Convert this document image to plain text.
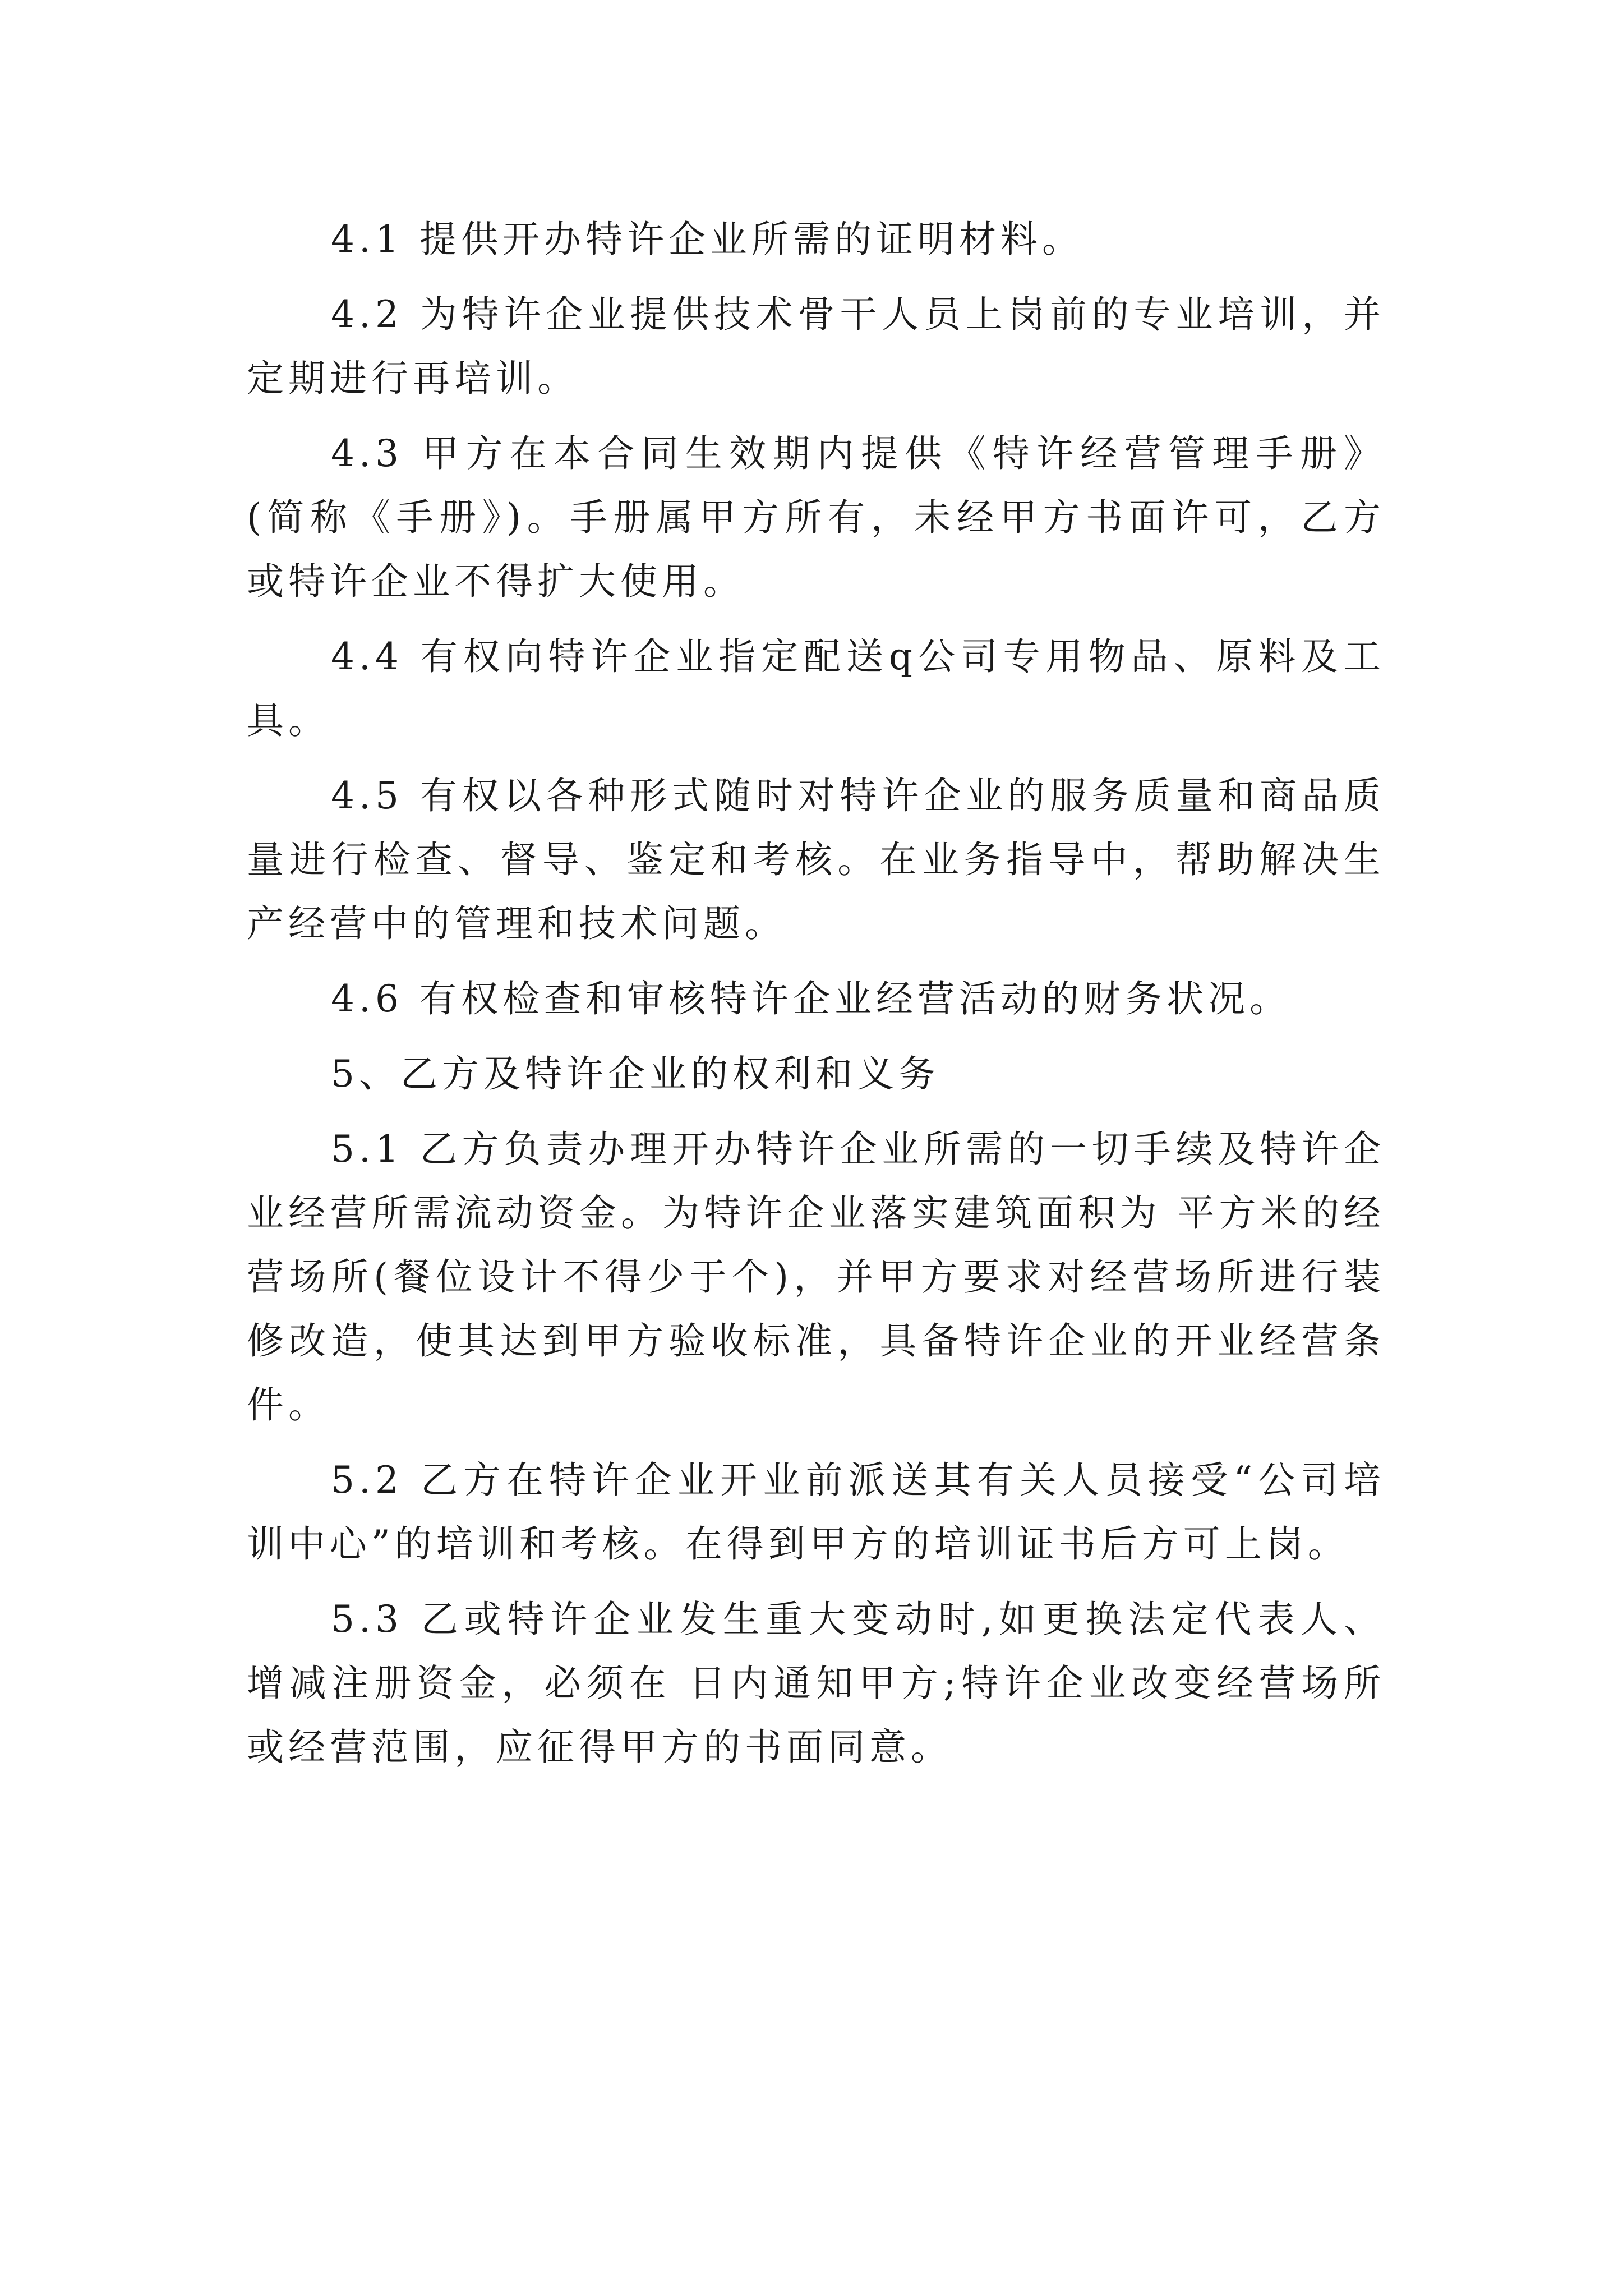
4.1 提供开办特许企业所需的证明材料。

4.2 为特许企业提供技术骨干人员上岗前的专业培训，并定期进行再培训。

4.3 甲方在本合同生效期内提供《特许经营管理手册》(简称《手册》)。手册属甲方所有，未经甲方书面许可，乙方或特许企业不得扩大使用。

4.4 有权向特许企业指定配送q公司专用物品、原料及工具。

4.5 有权以各种形式随时对特许企业的服务质量和商品质量进行检查、督导、鉴定和考核。在业务指导中，帮助解决生产经营中的管理和技术问题。

4.6 有权检查和审核特许企业经营活动的财务状况。

5、乙方及特许企业的权利和义务

5.1 乙方负责办理开办特许企业所需的一切手续及特许企业经营所需流动资金。为特许企业落实建筑面积为 平方米的经营场所(餐位设计不得少于个)，并甲方要求对经营场所进行装修改造，使其达到甲方验收标准，具备特许企业的开业经营条件。

5.2 乙方在特许企业开业前派送其有关人员接受“公司培训中心”的培训和考核。在得到甲方的培训证书后方可上岗。

5.3 乙或特许企业发生重大变动时,如更换法定代表人、增减注册资金，必须在 日内通知甲方;特许企业改变经营场所或经营范围，应征得甲方的书面同意。
